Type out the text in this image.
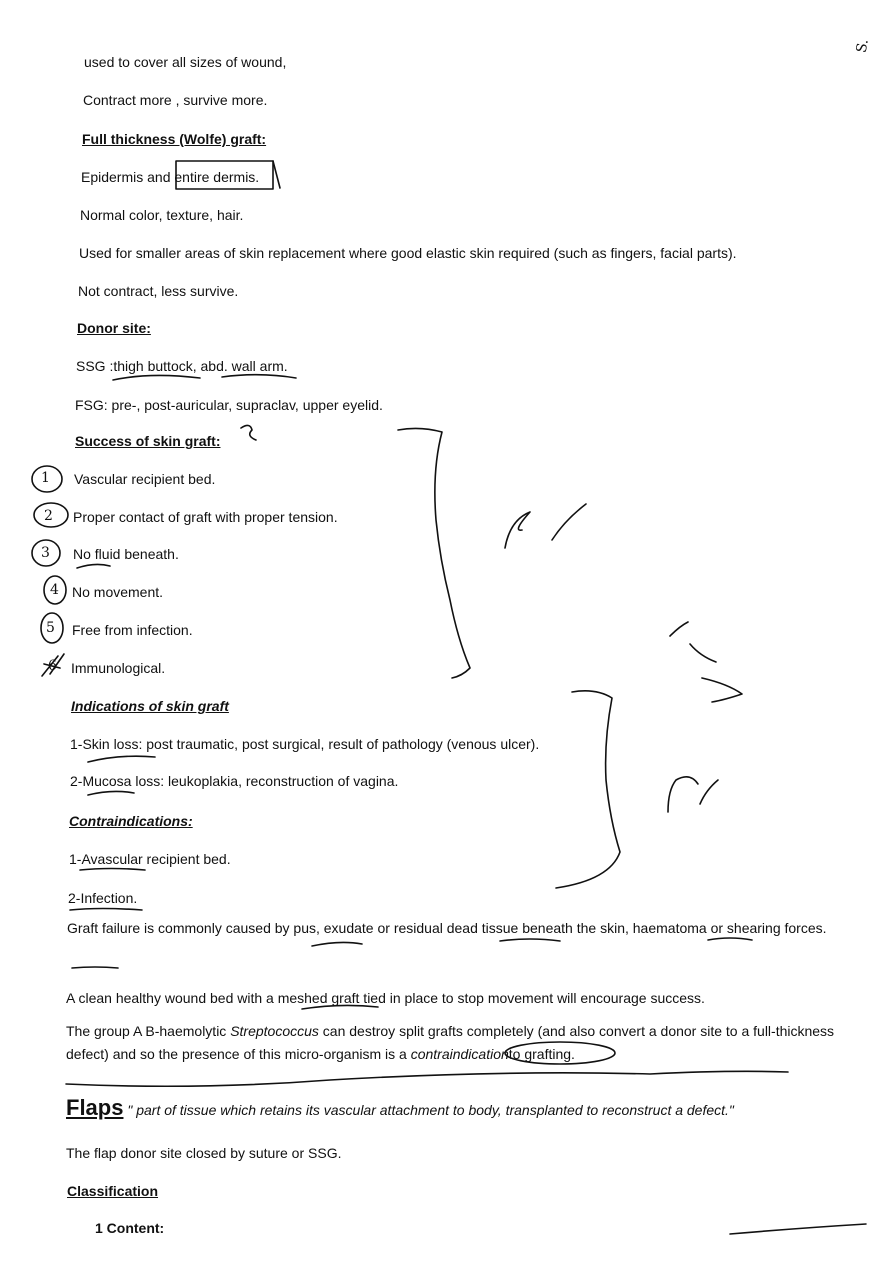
used to cover all sizes of wound,
Contract more , survive more.
Full thickness (Wolfe) graft:
Epidermis and entire dermis.
Normal color, texture, hair.
Used for smaller areas of skin replacement where good elastic skin required (such as fingers, facial parts).
Not contract, less survive.
Donor site:
SSG :thigh buttock, abd. wall arm.
FSG: pre-, post-auricular, supraclav, upper eyelid.
Success of skin graft:
Vascular recipient bed.
Proper contact of graft with proper tension.
No fluid beneath.
No movement.
Free from infection.
Immunological.
Indications of skin graft
1-Skin loss: post traumatic, post surgical, result of pathology (venous ulcer).
2-Mucosa loss: leukoplakia, reconstruction of vagina.
Contraindications:
1-Avascular recipient bed.
2-Infection.
Graft failure is commonly caused by pus, exudate or residual dead tissue beneath the skin, haematoma or shearing forces.
A clean healthy wound bed with a meshed graft tied in place to stop movement will encourage success.
The group A B-haemolytic Streptococcus can destroy split grafts completely (and also convert a donor site to a full-thickness defect) and so the presence of this micro-organism is a contraindicationto grafting.
Flaps " part of tissue which retains its vascular attachment to body, transplanted to reconstruct a defect."
The flap donor site closed by suture or SSG.
Classification
1 Content:
1
2
3
4
5
6
S.
